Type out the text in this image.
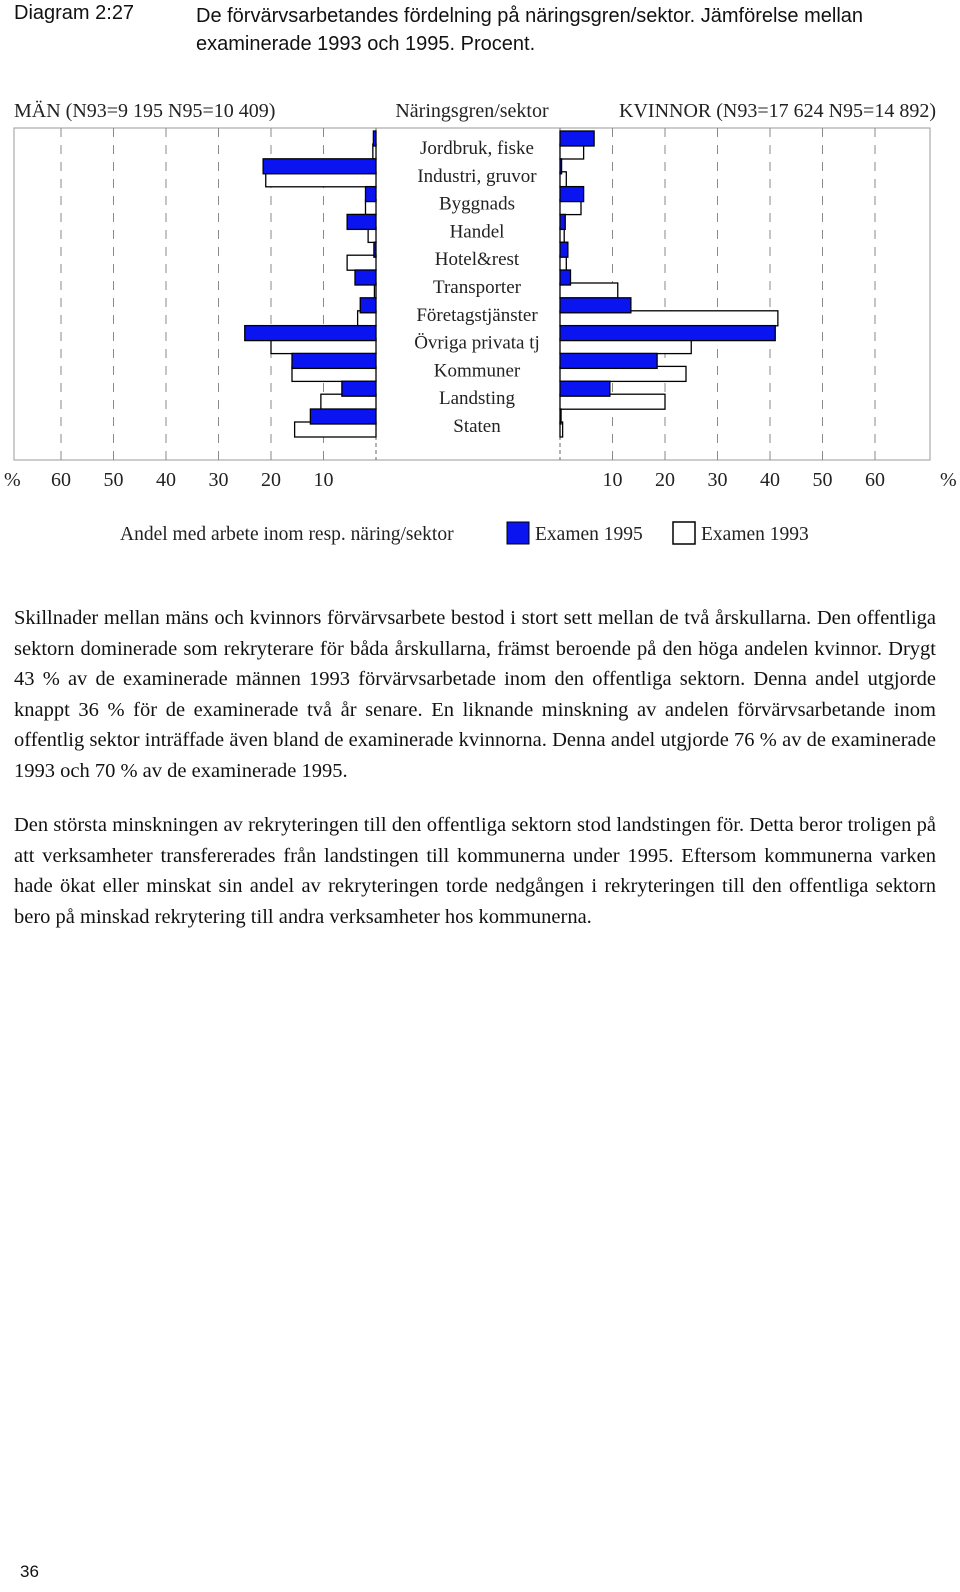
Diagram 2:27	De förvärvsarbetandes fördelning på näringsgren/sektor. Jämförelse mellan examinerade 1993 och 1995. Procent.
MÄN (N93=9 195 N95=10 409)	Näringsgren/sektor	KVINNOR (N93=17 624 N95=14 892)
%	%
10	10
20	20
30	30
40	40
50	50
60	60
Jordbruk, fiske
Industri, gruvor
Byggnads
Handel
Hotel&rest
Transporter
Företagstjänster
Övriga privata tj
Kommuner
Landsting
Staten
Andel med arbete inom resp. näring/sektor	Examen 1995	Examen 1993

Skillnader mellan mäns och kvinnors förvärvsarbete bestod i stort sett mellan de två årskullarna. Den offentliga sektorn dominerade som rekryterare för båda årskullarna, främst beroende på den höga andelen kvinnor. Drygt 43 % av de examinerade männen 1993 förvärvsarbetade inom den offentliga sektorn. Denna andel utgjorde knappt 36 % för de examinerade två år senare. En liknande minskning av andelen förvärvsarbetande inom offentlig sektor inträffade även bland de examinerade kvinnorna. Denna andel utgjorde 76 % av de examinerade 1993 och 70 % av de examinerade 1995.

Den största minskningen av rekryteringen till den offentliga sektorn stod landstingen för. Detta beror troligen på att verksamheter transfererades från landstingen till kommunerna under 1995. Eftersom kommunerna varken hade ökat eller minskat sin andel av rekryteringen torde nedgången i rekryteringen till den offentliga sektorn bero på minskad rekrytering till andra verksamheter hos kommunerna.

36
